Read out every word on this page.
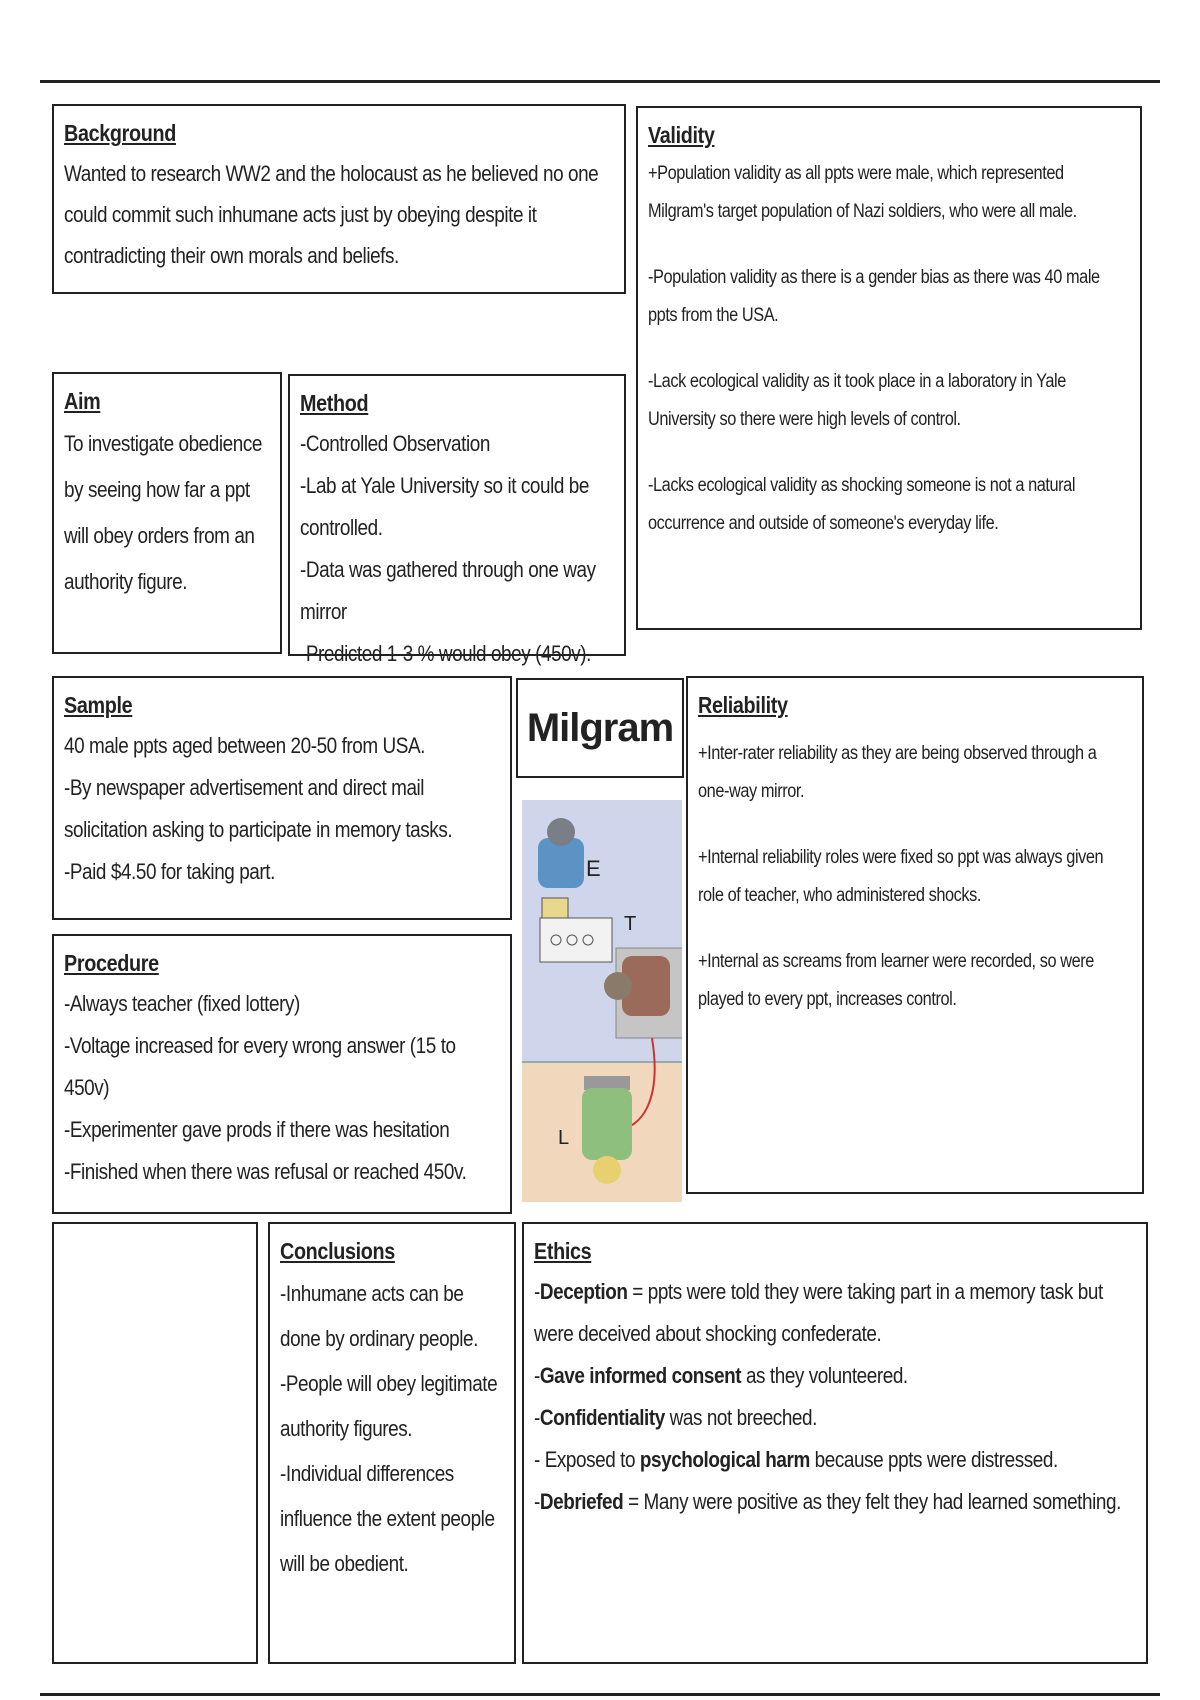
Background

Wanted to research WW2 and the holocaust as he believed no one could commit such inhumane acts just by obeying despite it contradicting their own morals and beliefs.

Validity

+Population validity as all ppts were male, which represented Milgram's target population of Nazi soldiers, who were all male.

-Population validity as there is a gender bias as there was 40 male ppts from the USA.

-Lack ecological validity as it took place in a laboratory in Yale University so there were high levels of control.

-Lacks ecological validity as shocking someone is not a natural occurrence and outside of someone's everyday life.

Aim

To investigate obedience by seeing how far a ppt will obey orders from an authority figure.

Method

-Controlled Observation

-Lab at Yale University so it could be controlled.

-Data was gathered through one way mirror

-Predicted 1-3 % would obey (450v).

Sample

40 male ppts aged between 20-50 from USA.

-By newspaper advertisement and direct mail solicitation asking to participate in memory tasks.

-Paid $4.50 for taking part.

Milgram
E
T
L
Reliability

+Inter-rater reliability as they are being observed through a one-way mirror.

+Internal reliability roles were fixed so ppt was always given role of teacher, who administered shocks.

+Internal as screams from learner were recorded, so were played to every ppt, increases control.

Procedure

-Always teacher (fixed lottery)

-Voltage increased for every wrong answer (15 to 450v)

-Experimenter gave prods if there was hesitation

-Finished when there was refusal or reached 450v.

Conclusions

-Inhumane acts can be done by ordinary people.

-People will obey legitimate authority figures.

-Individual differences influence the extent people will be obedient.

Ethics

-Deception = ppts were told they were taking part in a memory task but were deceived about shocking confederate.

-Gave informed consent as they volunteered.

-Confidentiality was not breeched.

- Exposed to psychological harm because ppts were distressed.

-Debriefed = Many were positive as they felt they had learned something.
